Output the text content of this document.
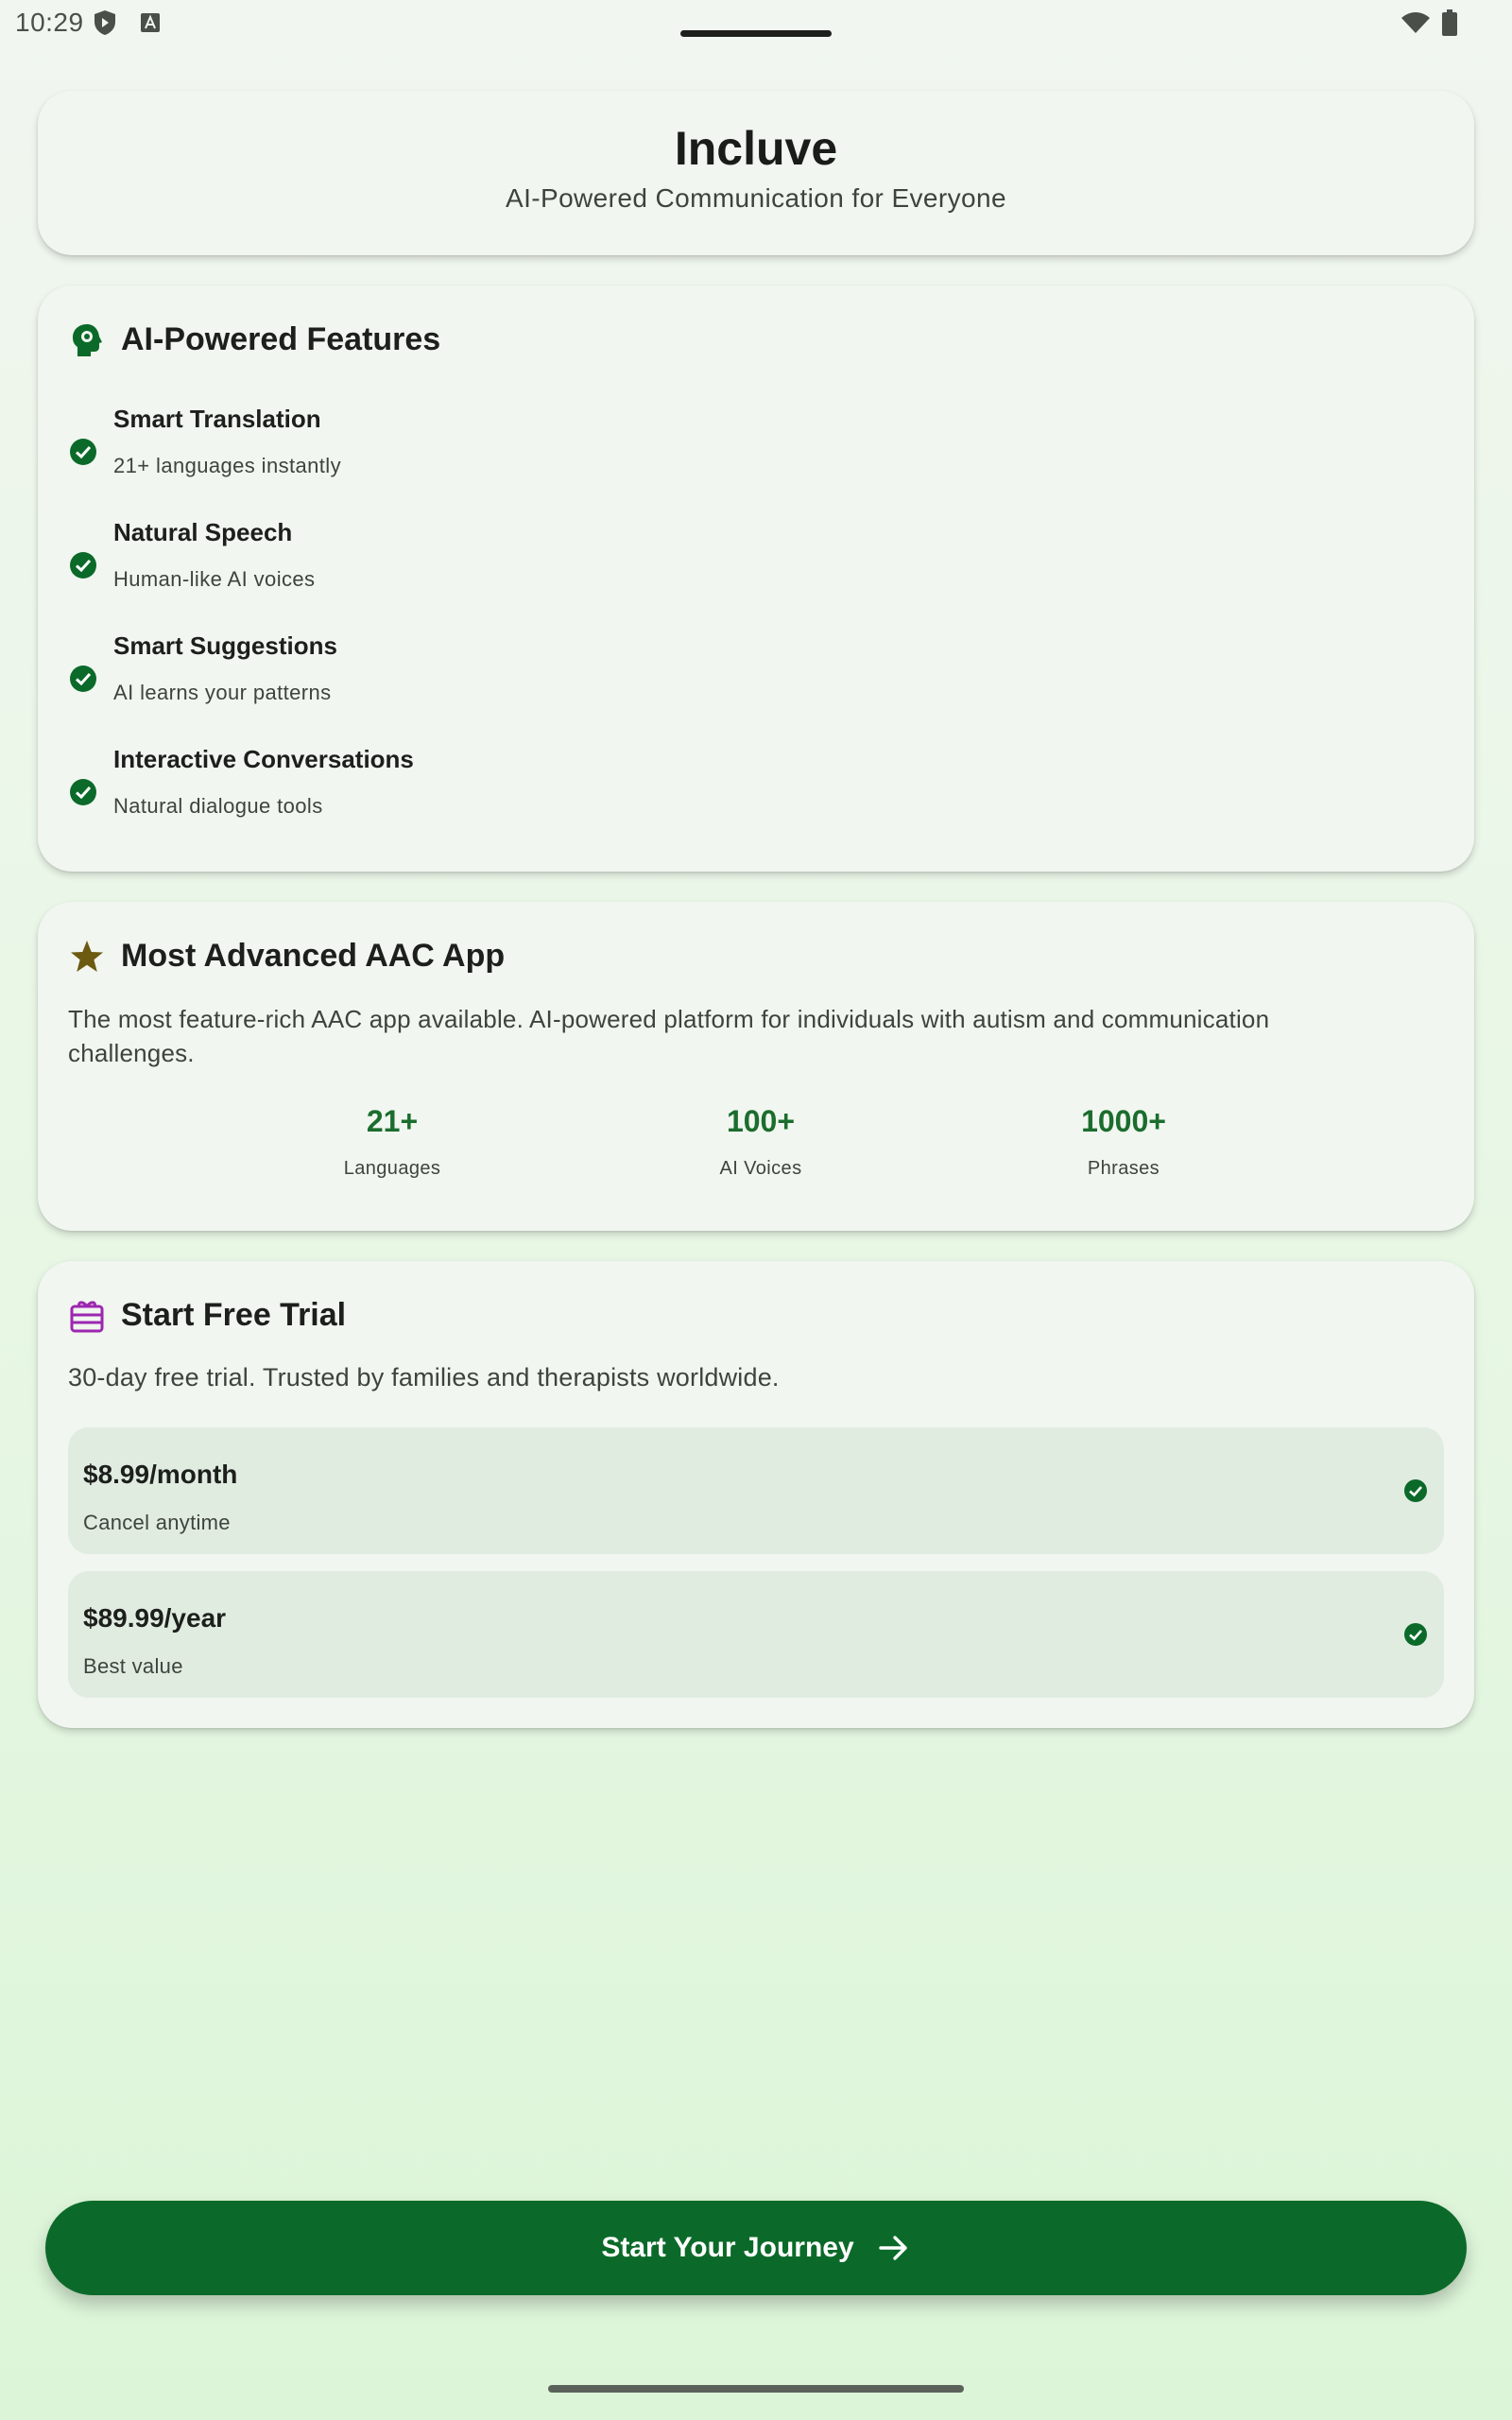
10:29
Incluve
AI-Powered Communication for Everyone
AI-Powered Features
Smart Translation
21+ languages instantly
Natural Speech
Human-like AI voices
Smart Suggestions
AI learns your patterns
Interactive Conversations
Natural dialogue tools
Most Advanced AAC App
The most feature-rich AAC app available. AI-powered platform for individuals with autism and communication challenges.
21+
Languages
100+
AI Voices
1000+
Phrases
Start Free Trial
30-day free trial. Trusted by families and therapists worldwide.
$8.99/month
Cancel anytime
$89.99/year
Best value
Start Your Journey
